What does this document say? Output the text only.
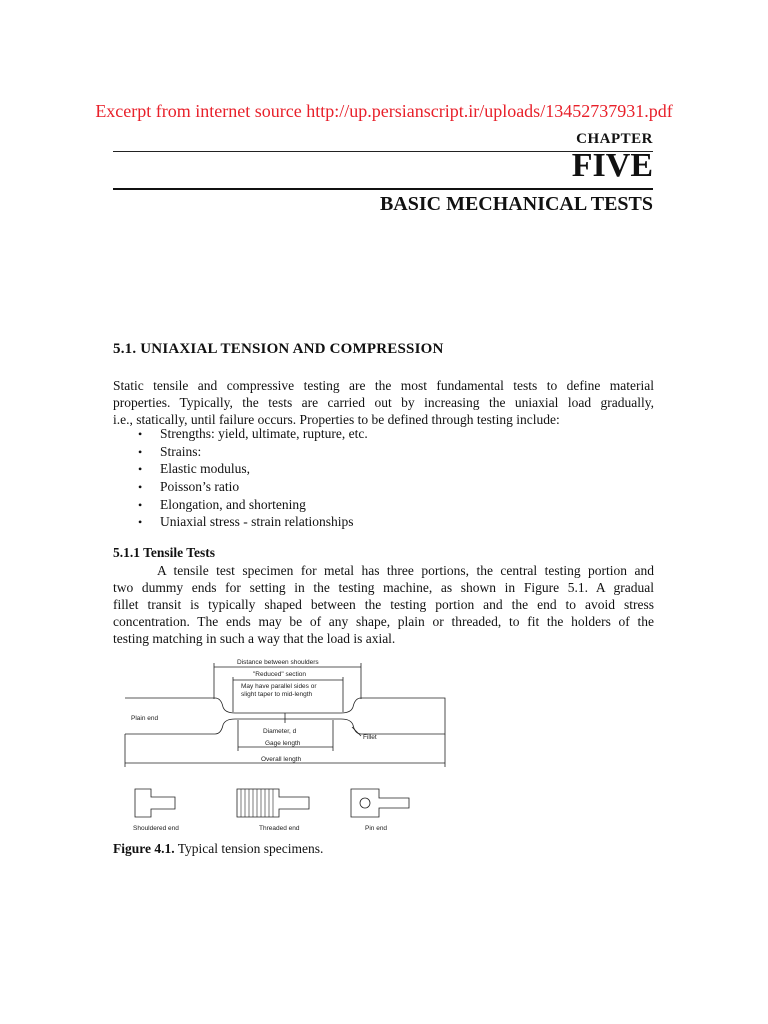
Excerpt from internet source http://up.persianscript.ir/uploads/13452737931.pdf
CHAPTER
FIVE
BASIC MECHANICAL TESTS
5.1. UNIAXIAL TENSION AND COMPRESSION
Static tensile and compressive testing are the most fundamental tests to define material
properties. Typically, the tests are carried out by increasing the uniaxial load gradually,
i.e., statically, until failure occurs. Properties to be defined through testing include:
• Strengths: yield, ultimate, rupture, etc.
• Strains:
• Elastic modulus,
• Poisson’s ratio
• Elongation, and shortening
• Uniaxial stress - strain relationships
5.1.1 Tensile Tests
A tensile test specimen for metal has three portions, the central testing portion and
two dummy ends for setting in the testing machine, as shown in Figure 5.1. A gradual
fillet transit is typically shaped between the testing portion and the end to avoid stress
concentration. The ends may be of any shape, plain or threaded, to fit the holders of the
testing matching in such a way that the load is axial.
Distance between shoulders
"Reduced" section
May have parallel sides or
slight taper to mid-length
Plain end
Diameter, d
Fillet
Gage length
Overall length
Shouldered end	Threaded end	Pin end
Figure 4.1. Typical tension specimens.
